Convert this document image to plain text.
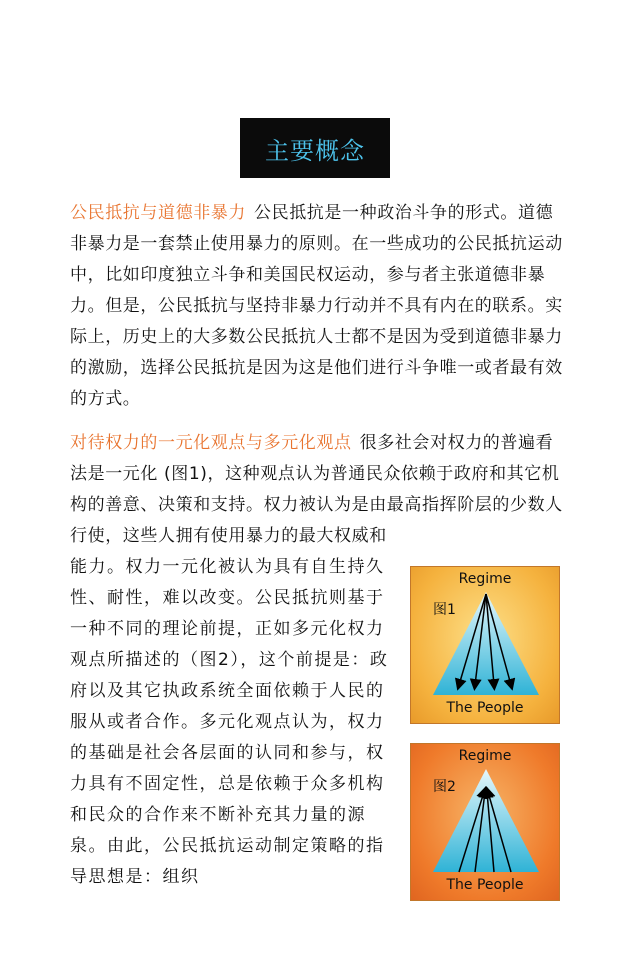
主要概念

公民抵抗与道德非暴力 公民抵抗是一种政治斗争的形式。道德非暴力是一套禁止使用暴力的原则。在一些成功的公民抵抗运动中，比如印度独立斗争和美国民权运动，参与者主张道德非暴力。但是，公民抵抗与坚持非暴力行动并不具有内在的联系。实际上，历史上的大多数公民抵抗人士都不是因为受到道德非暴力的激励，选择公民抵抗是因为这是他们进行斗争唯一或者最有效的方式。

对待权力的一元化观点与多元化观点 很多社会对权力的普遍看法是一元化 (图1)，这种观点认为普通民众依赖于政府和其它机构的善意、决策和支持。权力被认为是由最高指挥阶层的少数人行使，这些人拥有使用暴力的最大权威和

能力。权力一元化被认为具有自生持久性、耐性，难以改变。公民抵抗则基于一种不同的理论前提，正如多元化权力观点所描述的（图2），这个前提是：政府以及其它执政系统全面依赖于人民的服从或者合作。多元化观点认为，权力的基础是社会各层面的认同和参与，权力具有不固定性，总是依赖于众多机构和民众的合作来不断补充其力量的源泉。由此，公民抵抗运动制定策略的指导思想是：组织

Regime
图1
The People
Regime
图2
The People
